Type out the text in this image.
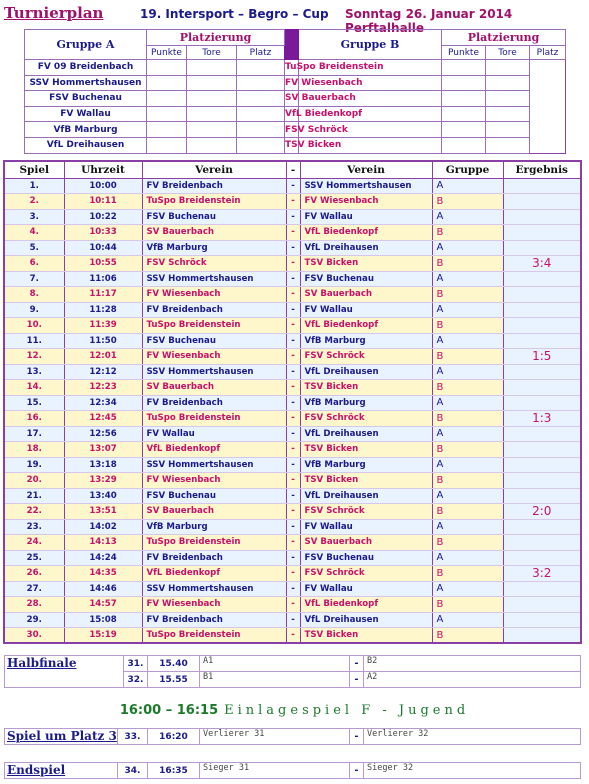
Turnierplan	19. Intersport – Begro – Cup Sonntag 26. Januar 2014 Perftalhalle
Gruppe A	Platzierung				Gruppe B	Platzierung		
	Punkte	Tore	Platz			Punkte	Tore	Platz
FV 09 Breidenbach				TuSpo Breidenstein				
SSV Hommertshausen				FV Wiesenbach				
FSV Buchenau				SV Bauerbach				
FV Wallau				VfL Biedenkopf				
VfB Marburg				FSV Schröck				
VfL Dreihausen				TSV Bicken				
Spiel	Uhrzeit	Verein	-	Verein	Gruppe	Ergebnis
1.	10:00	FV Breidenbach	-	SSV Hommertshausen	A	
2.	10:11	TuSpo Breidenstein	-	FV Wiesenbach	B	
3.	10:22	FSV Buchenau	-	FV Wallau	A	
4.	10:33	SV Bauerbach	-	VfL Biedenkopf	B	
5.	10:44	VfB Marburg	-	VfL Dreihausen	A	
6.	10:55	FSV Schröck	-	TSV Bicken	B	3:4
7.	11:06	SSV Hommertshausen	-	FSV Buchenau	A	
8.	11:17	FV Wiesenbach	-	SV Bauerbach	B	
9.	11:28	FV Breidenbach	-	FV Wallau	A	
10.	11:39	TuSpo Breidenstein	-	VfL Biedenkopf	B	
11.	11:50	FSV Buchenau	-	VfB Marburg	A	
12.	12:01	FV Wiesenbach	-	FSV Schröck	B	1:5
13.	12:12	SSV Hommertshausen	-	VfL Dreihausen	A	
14.	12:23	SV Bauerbach	-	TSV Bicken	B	
15.	12:34	FV Breidenbach	-	VfB Marburg	A	
16.	12:45	TuSpo Breidenstein	-	FSV Schröck	B	1:3
17.	12:56	FV Wallau	-	VfL Dreihausen	A	
18.	13:07	VfL Biedenkopf	-	TSV Bicken	B	
19.	13:18	SSV Hommertshausen	-	VfB Marburg	A	
20.	13:29	FV Wiesenbach	-	TSV Bicken	B	
21.	13:40	FSV Buchenau	-	VfL Dreihausen	A	
22.	13:51	SV Bauerbach	-	FSV Schröck	B	2:0
23.	14:02	VfB Marburg	-	FV Wallau	A	
24.	14:13	TuSpo Breidenstein	-	SV Bauerbach	B	
25.	14:24	FV Breidenbach	-	FSV Buchenau	A	
26.	14:35	VfL Biedenkopf	-	FSV Schröck	B	3:2
27.	14:46	SSV Hommertshausen	-	FV Wallau	A	
28.	14:57	FV Wiesenbach	-	VfL Biedenkopf	B	
29.	15:08	FV Breidenbach	-	VfL Dreihausen	A	
30.	15:19	TuSpo Breidenstein	-	TSV Bicken	B	
Halbfinale	31.	15.40	A1	-	B2
	32.	15.55	B1	-	A2
16:00 – 16:15 Einlagespiel F - Jugend
Spiel um Platz 3	33.	16:20	Verlierer 31	-	Verlierer 32
Endspiel	34.	16:35	Sieger 31	-	Sieger 32
